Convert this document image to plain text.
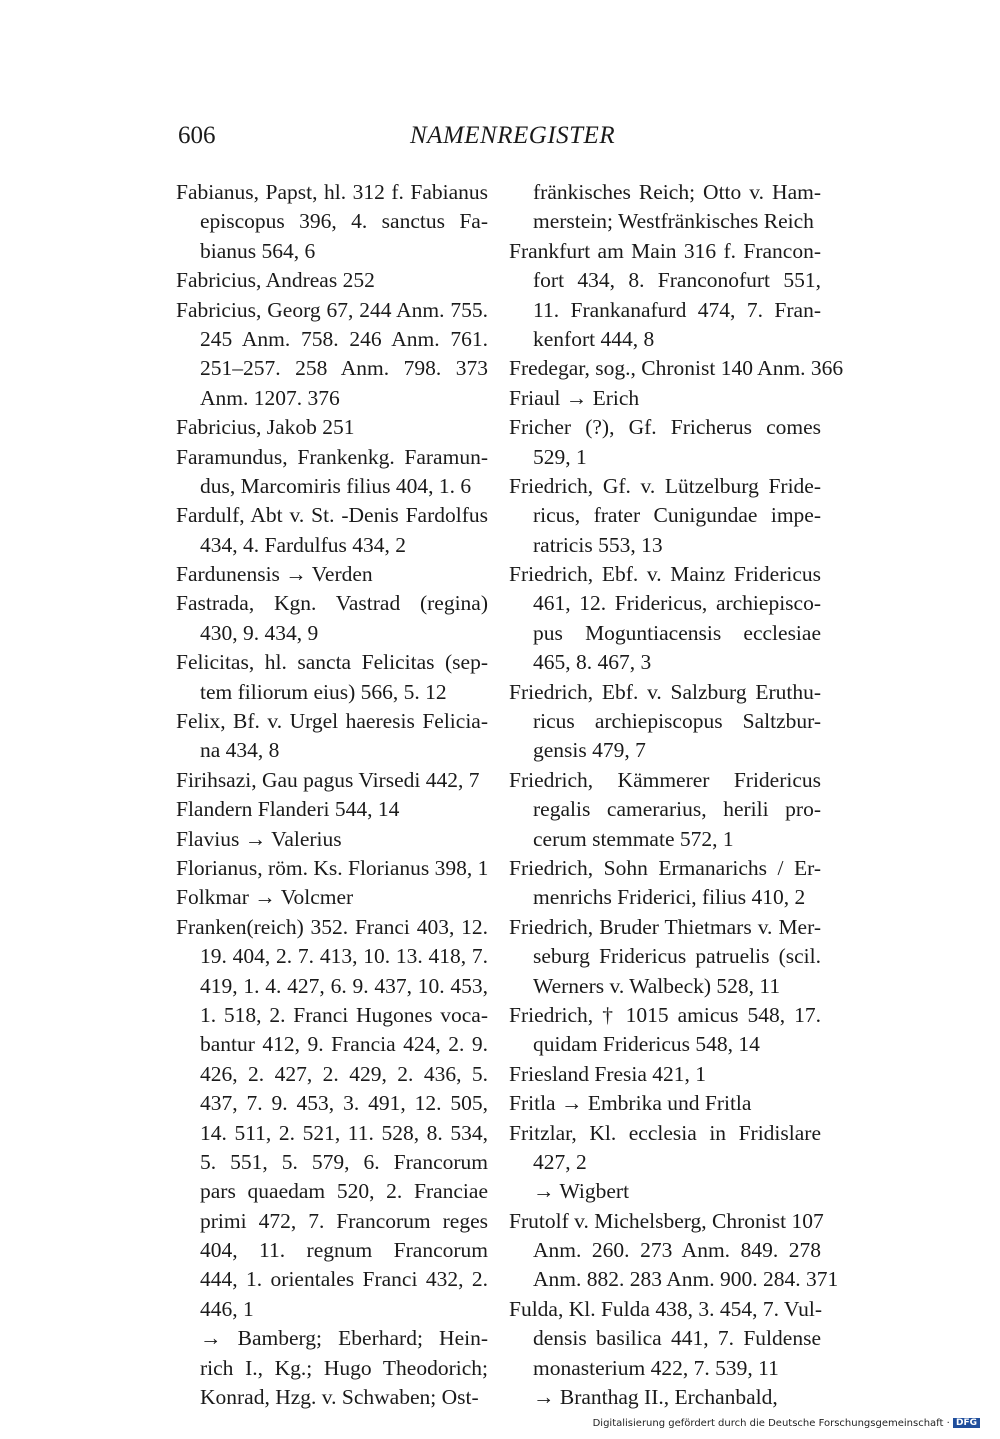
606	NAMENREGISTER
Fabianus, Papst, hl. 312 f. Fabianus
episcopus 396, 4. sanctus Fa-
bianus 564, 6
Fabricius, Andreas 252
Fabricius, Georg 67, 244 Anm. 755.
245 Anm. 758. 246 Anm. 761.
251–257. 258 Anm. 798. 373
Anm. 1207. 376
Fabricius, Jakob 251
Faramundus, Frankenkg. Faramun-
dus, Marcomiris filius 404, 1. 6
Fardulf, Abt v. St. -Denis Fardolfus
434, 4. Fardulfus 434, 2
Fardunensis → Verden
Fastrada, Kgn. Vastrad (regina)
430, 9. 434, 9
Felicitas, hl. sancta Felicitas (sep-
tem filiorum eius) 566, 5. 12
Felix, Bf. v. Urgel haeresis Felicia-
na 434, 8
Firihsazi, Gau pagus Virsedi 442, 7
Flandern Flanderi 544, 14
Flavius → Valerius
Florianus, röm. Ks. Florianus 398, 1
Folkmar → Volcmer
Franken(reich) 352. Franci 403, 12.
19. 404, 2. 7. 413, 10. 13. 418, 7.
419, 1. 4. 427, 6. 9. 437, 10. 453,
1. 518, 2. Franci Hugones voca-
bantur 412, 9. Francia 424, 2. 9.
426, 2. 427, 2. 429, 2. 436, 5.
437, 7. 9. 453, 3. 491, 12. 505,
14. 511, 2. 521, 11. 528, 8. 534,
5. 551, 5. 579, 6. Francorum
pars quaedam 520, 2. Franciae
primi 472, 7. Francorum reges
404, 11. regnum Francorum
444, 1. orientales Franci 432, 2.
446, 1
→ Bamberg; Eberhard; Hein-
rich I., Kg.; Hugo Theodorich;
Konrad, Hzg. v. Schwaben; Ost-
fränkisches Reich; Otto v. Ham-
merstein; Westfränkisches Reich
Frankfurt am Main 316 f. Francon-
fort 434, 8. Franconofurt 551,
11. Frankanafurd 474, 7. Fran-
kenfort 444, 8
Fredegar, sog., Chronist 140 Anm. 366
Friaul → Erich
Fricher (?), Gf. Fricherus comes
529, 1
Friedrich, Gf. v. Lützelburg Fride-
ricus, frater Cunigundae impe-
ratricis 553, 13
Friedrich, Ebf. v. Mainz Fridericus
461, 12. Fridericus, archiepisco-
pus Moguntiacensis ecclesiae
465, 8. 467, 3
Friedrich, Ebf. v. Salzburg Eruthu-
ricus archiepiscopus Saltzbur-
gensis 479, 7
Friedrich, Kämmerer Fridericus
regalis camerarius, herili pro-
cerum stemmate 572, 1
Friedrich, Sohn Ermanarichs / Er-
menrichs Friderici, filius 410, 2
Friedrich, Bruder Thietmars v. Mer-
seburg Fridericus patruelis (scil.
Werners v. Walbeck) 528, 11
Friedrich, † 1015 amicus 548, 17.
quidam Fridericus 548, 14
Friesland Fresia 421, 1
Fritla → Embrika und Fritla
Fritzlar, Kl. ecclesia in Fridislare
427, 2
→ Wigbert
Frutolf v. Michelsberg, Chronist 107
Anm. 260. 273 Anm. 849. 278
Anm. 882. 283 Anm. 900. 284. 371
Fulda, Kl. Fulda 438, 3. 454, 7. Vul-
densis basilica 441, 7. Fuldense
monasterium 422, 7. 539, 11
→ Branthag II., Erchanbald,
Digitalisierung gefördert durch die Deutsche Forschungsgemeinschaft · DFG
